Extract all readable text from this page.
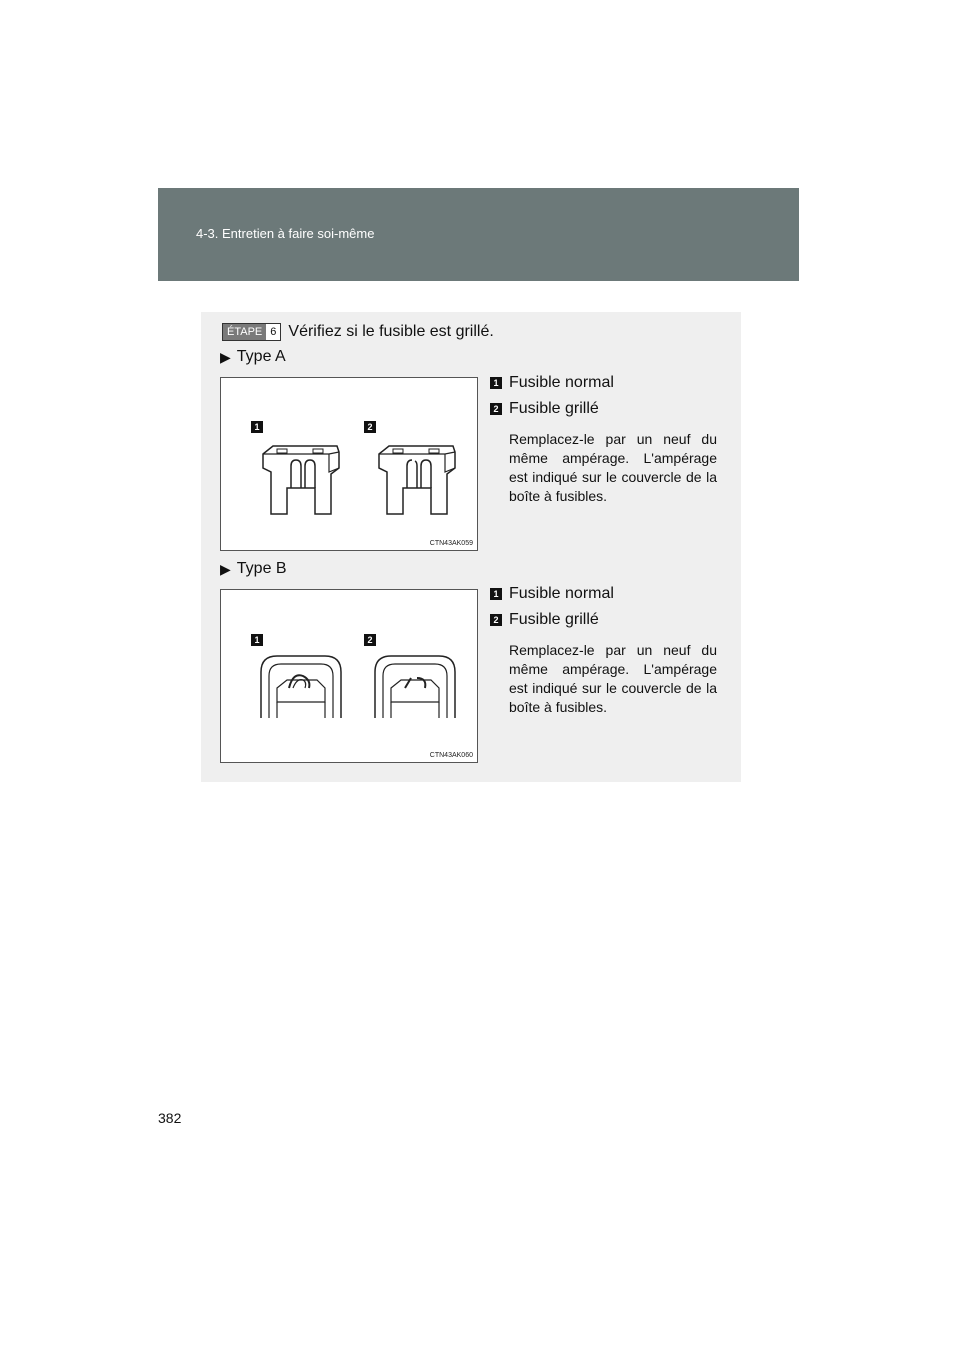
4-3. Entretien à faire soi-même
ÉTAPE 6 Vérifiez si le fusible est grillé.
▶ Type A
1	2
CTN43AK059
1 Fusible normal
2 Fusible grillé
Remplacez-le par un neuf du même ampérage. L'ampérage est indiqué sur le couvercle de la boîte à fusibles.
▶ Type B
1	2
CTN43AK060
1 Fusible normal
2 Fusible grillé
Remplacez-le par un neuf du même ampérage. L'ampérage est indiqué sur le couvercle de la boîte à fusibles.
382
